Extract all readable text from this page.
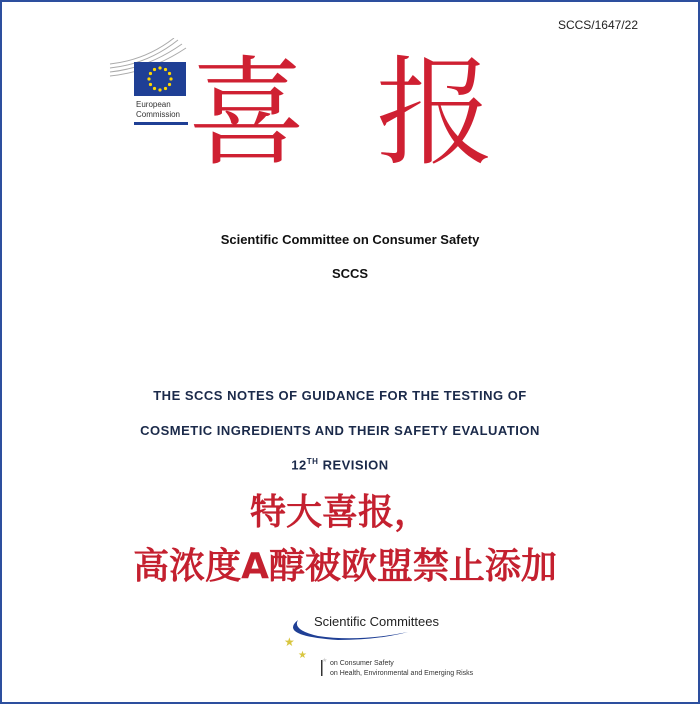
SCCS/1647/22
European
Commission 喜报
Scientific Committee on Consumer Safety
SCCS
THE SCCS NOTES OF GUIDANCE FOR THE TESTING OF
COSMETIC INGREDIENTS AND THEIR SAFETY EVALUATION
12TH REVISION
特大喜报，
高浓度A醇被欧盟禁止添加
★
★	★
Scientific Committees
on Consumer Safety
on Health, Environmental and Emerging Risks
